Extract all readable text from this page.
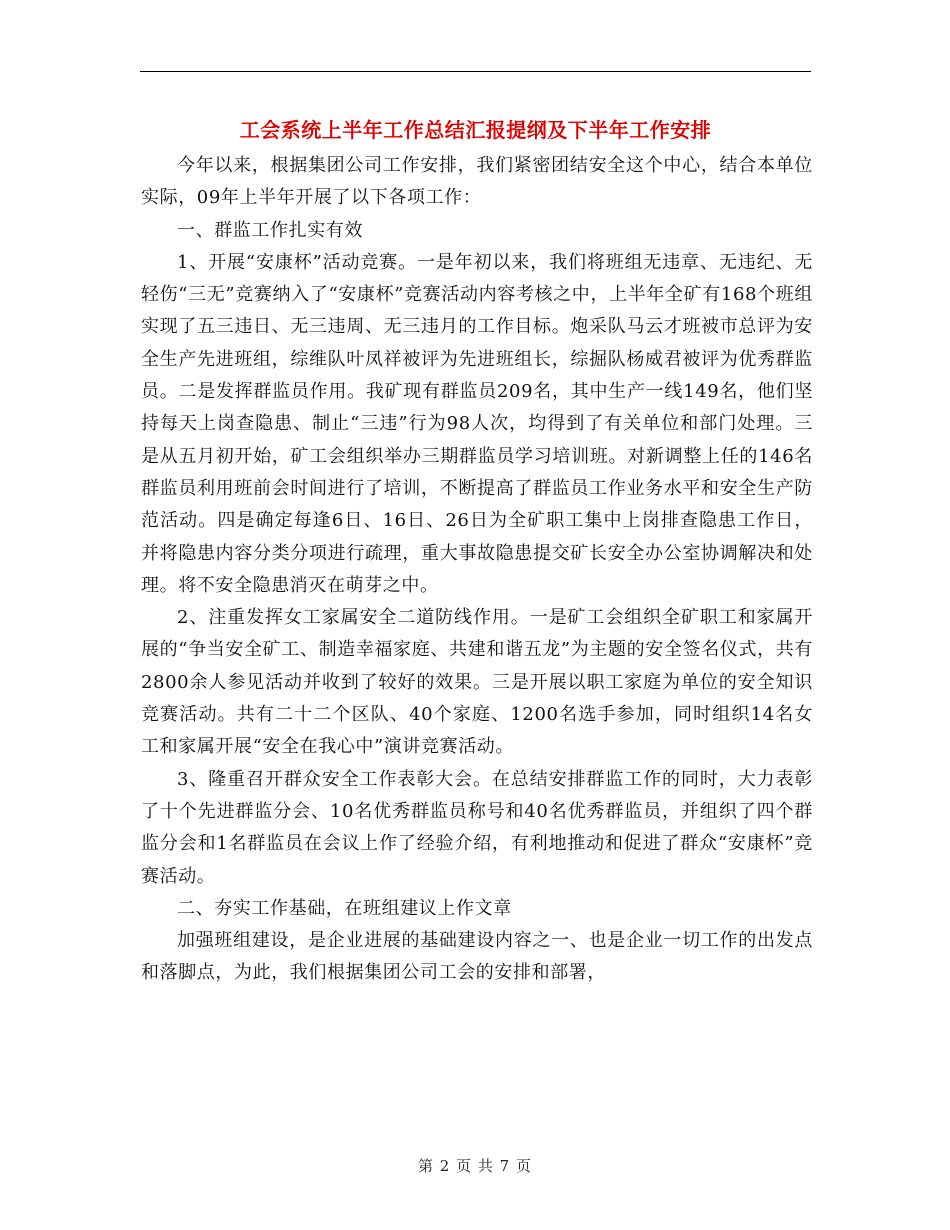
工会系统上半年工作总结汇报提纲及下半年工作安排

今年以来，根据集团公司工作安排，我们紧密团结安全这个中心，结合本单位实际，09年上半年开展了以下各项工作：

一、群监工作扎实有效

1、开展“安康杯”活动竞赛。一是年初以来，我们将班组无违章、无违纪、无轻伤“三无”竞赛纳入了“安康杯”竞赛活动内容考核之中，上半年全矿有168个班组实现了五三违日、无三违周、无三违月的工作目标。炮采队马云才班被市总评为安全生产先进班组，综维队叶凤祥被评为先进班组长，综掘队杨威君被评为优秀群监员。二是发挥群监员作用。我矿现有群监员209名，其中生产一线149名，他们坚持每天上岗查隐患、制止“三违”行为98人次，均得到了有关单位和部门处理。三是从五月初开始，矿工会组织举办三期群监员学习培训班。对新调整上任的146名群监员利用班前会时间进行了培训，不断提高了群监员工作业务水平和安全生产防范活动。四是确定每逢6日、16日、26日为全矿职工集中上岗排查隐患工作日，并将隐患内容分类分项进行疏理，重大事故隐患提交矿长安全办公室协调解决和处理。将不安全隐患消灭在萌芽之中。

2、注重发挥女工家属安全二道防线作用。一是矿工会组织全矿职工和家属开展的“争当安全矿工、制造幸福家庭、共建和谐五龙”为主题的安全签名仪式，共有2800余人参见活动并收到了较好的效果。三是开展以职工家庭为单位的安全知识竞赛活动。共有二十二个区队、40个家庭、1200名选手参加，同时组织14名女工和家属开展“安全在我心中”演讲竞赛活动。

3、隆重召开群众安全工作表彰大会。在总结安排群监工作的同时，大力表彰了十个先进群监分会、10名优秀群监员称号和40名优秀群监员，并组织了四个群监分会和1名群监员在会议上作了经验介绍，有利地推动和促进了群众“安康杯”竞赛活动。

二、夯实工作基础，在班组建议上作文章

加强班组建设，是企业进展的基础建设内容之一、也是企业一切工作的出发点和落脚点，为此，我们根据集团公司工会的安排和部署，

第 2 页 共 7 页
